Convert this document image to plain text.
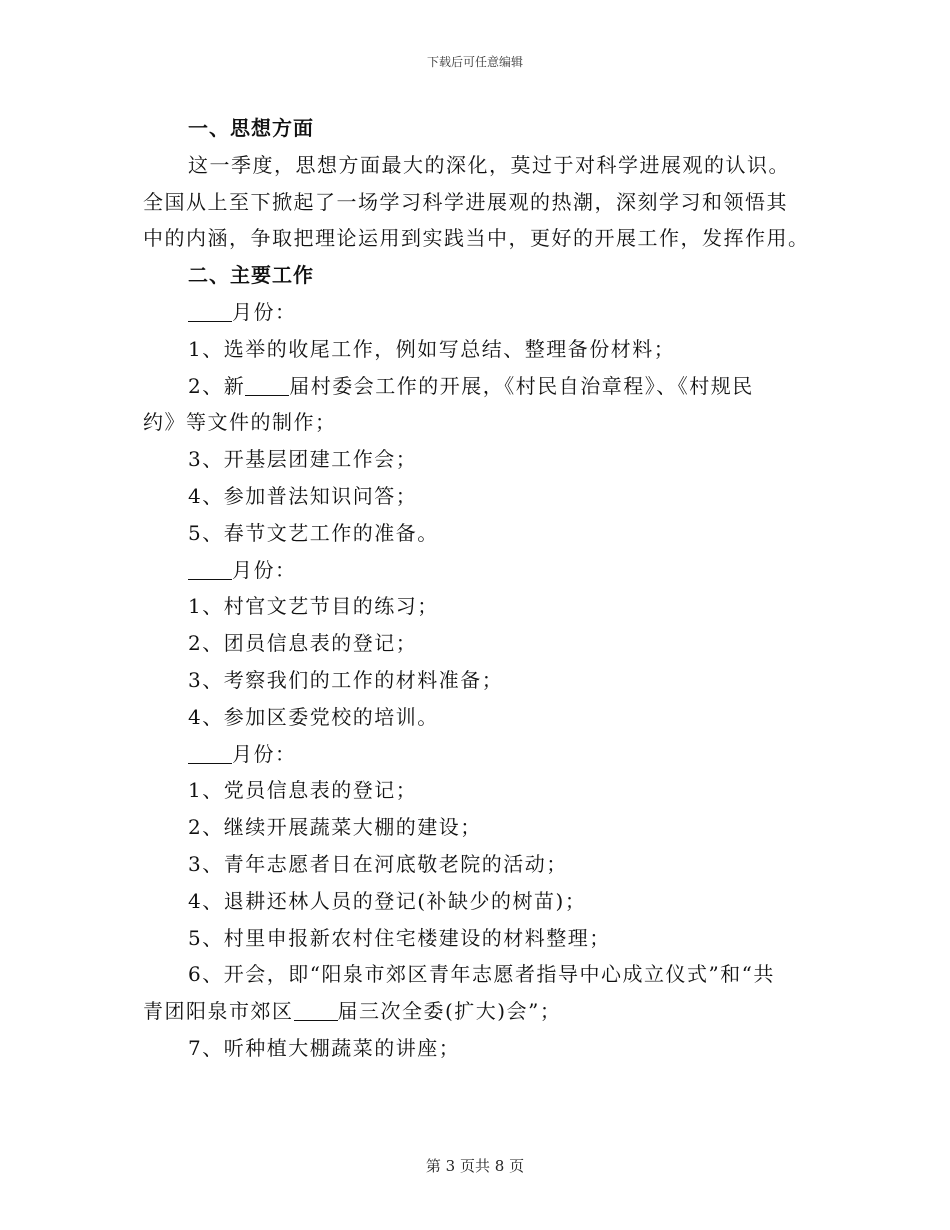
下载后可任意编辑
一、思想方面
这一季度，思想方面最大的深化，莫过于对科学进展观的认识。
全国从上至下掀起了一场学习科学进展观的热潮，深刻学习和领悟其
中的内涵，争取把理论运用到实践当中，更好的开展工作，发挥作用。
二、主要工作
月份：
1、选举的收尾工作，例如写总结、整理备份材料；
2、新 届村委会工作的开展，《村民自治章程》、《村规民
约》等文件的制作；
3、开基层团建工作会；
4、参加普法知识问答；
5、春节文艺工作的准备。
月份：
1、村官文艺节目的练习；
2、团员信息表的登记；
3、考察我们的工作的材料准备；
4、参加区委党校的培训。
月份：
1、党员信息表的登记；
2、继续开展蔬菜大棚的建设；
3、青年志愿者日在河底敬老院的活动；
4、退耕还林人员的登记(补缺少的树苗)；
5、村里申报新农村住宅楼建设的材料整理；
6、开会，即“阳泉市郊区青年志愿者指导中心成立仪式”和“共
青团阳泉市郊区 届三次全委(扩大)会”；
7、听种植大棚蔬菜的讲座；
第 3 页共 8 页
